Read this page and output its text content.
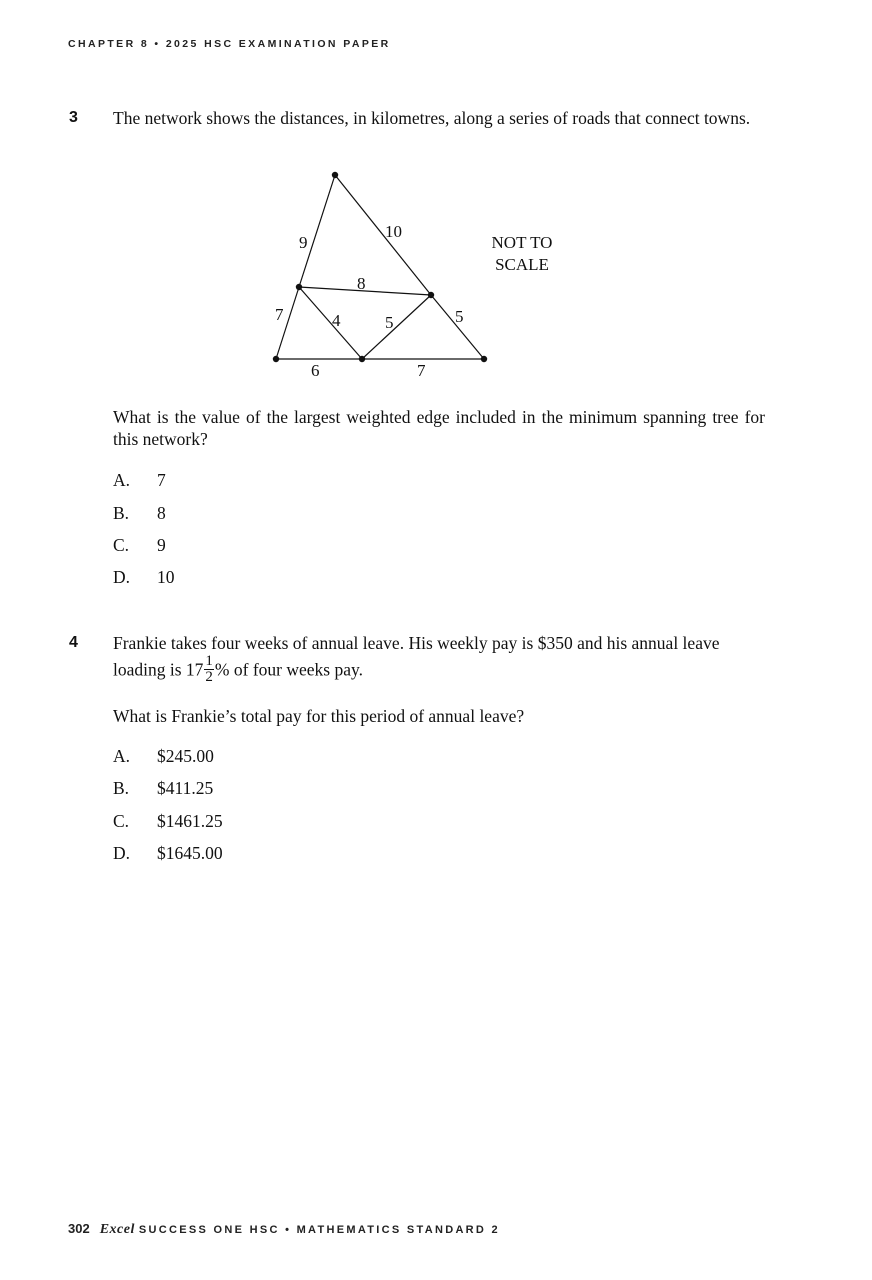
CHAPTER 8 • 2025 HSC EXAMINATION PAPER
3 The network shows the distances, in kilometres, along a series of roads that connect towns.
9
10
8
7	4	5	5
6	7
NOT TO
SCALE
What is the value of the largest weighted edge included in the minimum spanning tree for this network?
A. 7
B. 8
C. 9
D. 10
4 Frankie takes four weeks of annual leave. His weekly pay is $350 and his annual leave
loading is $17 \frac{1}{2}$ % of four weeks pay.
What is Frankie’s total pay for this period of annual leave?
A. $245.00
B. $411.25
C. $1461.25
D. $1645.00
302 Excel SUCCESS ONE HSC • MATHEMATICS STANDARD 2
